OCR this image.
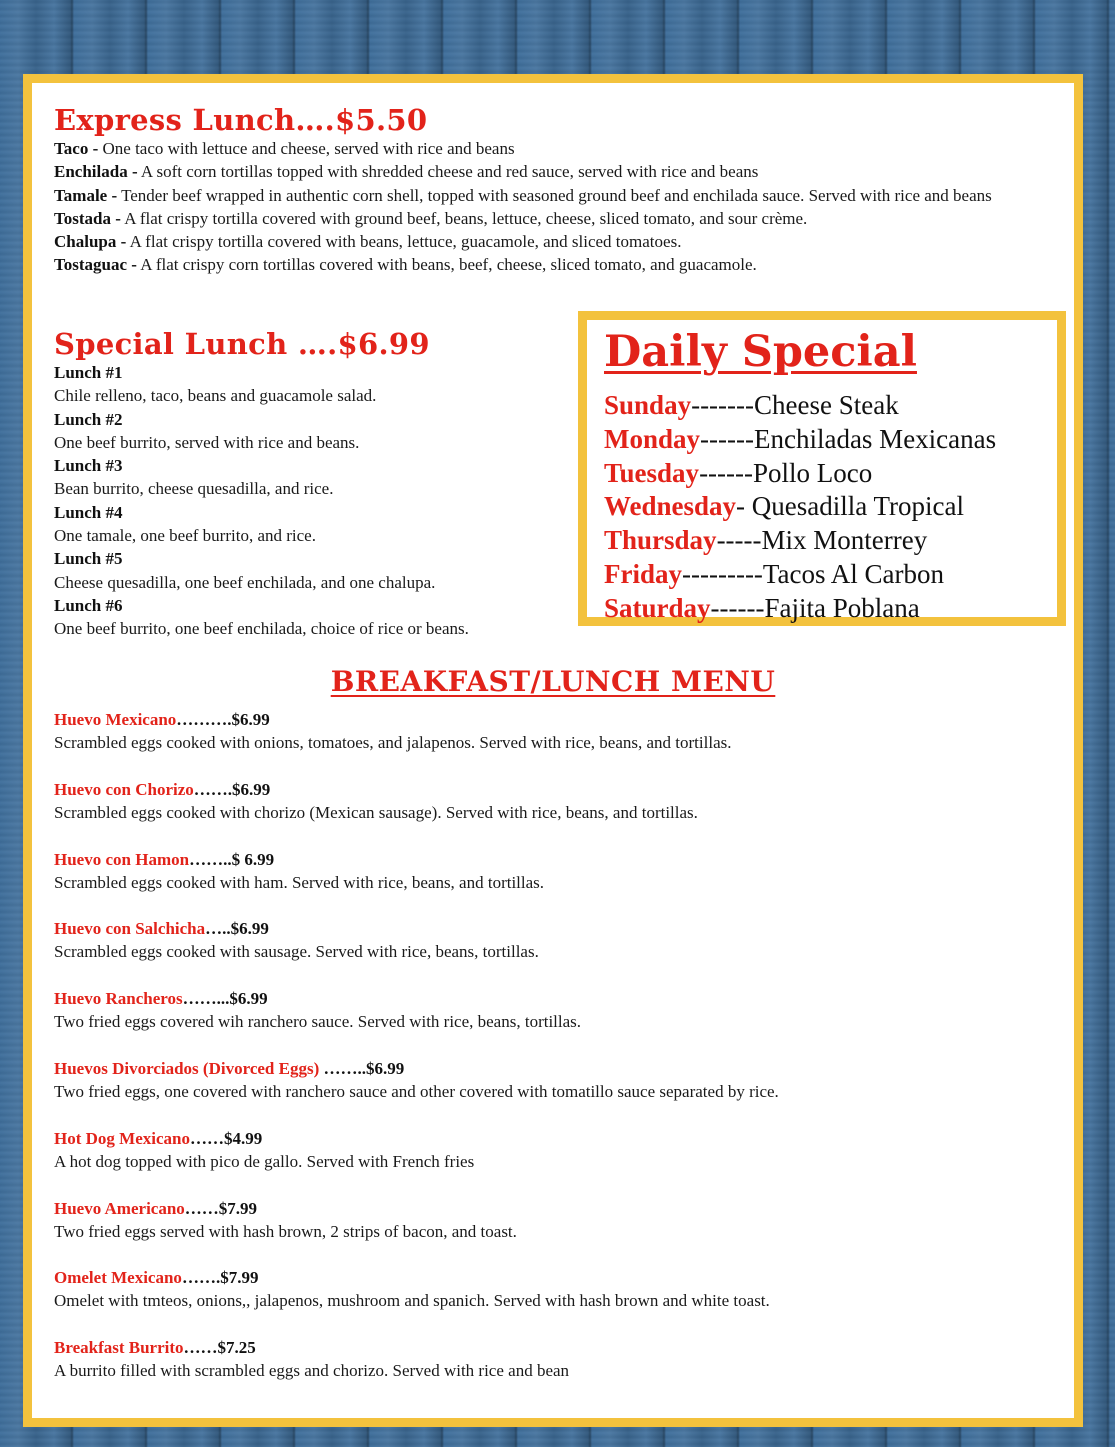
Express Lunch….$5.50
Taco - One taco with lettuce and cheese, served with rice and beans
Enchilada - A soft corn tortillas topped with shredded cheese and red sauce, served with rice and beans
Tamale - Tender beef wrapped in authentic corn shell, topped with seasoned ground beef and enchilada sauce. Served with rice and beans
Tostada - A flat crispy tortilla covered with ground beef, beans, lettuce, cheese, sliced tomato, and sour crème.
Chalupa - A flat crispy tortilla covered with beans, lettuce, guacamole, and sliced tomatoes.
Tostaguac - A flat crispy corn tortillas covered with beans, beef, cheese, sliced tomato, and guacamole.
Special Lunch ….$6.99
Lunch #1
Chile relleno, taco, beans and guacamole salad.
Lunch #2
One beef burrito, served with rice and beans.
Lunch #3
Bean burrito, cheese quesadilla, and rice.
Lunch #4
One tamale, one beef burrito, and rice.
Lunch #5
Cheese quesadilla, one beef enchilada, and one chalupa.
Lunch #6
One beef burrito, one beef enchilada, choice of rice or beans.
Daily Special
Sunday-------Cheese Steak
Monday------Enchiladas Mexicanas
Tuesday------Pollo Loco
Wednesday- Quesadilla Tropical
Thursday-----Mix Monterrey
Friday---------Tacos Al Carbon
Saturday------Fajita Poblana
BREAKFAST/LUNCH MENU
Huevo Mexicano……….$6.99
Scrambled eggs cooked with onions, tomatoes, and jalapenos. Served with rice, beans, and tortillas.
Huevo con Chorizo…….$6.99
Scrambled eggs cooked with chorizo (Mexican sausage). Served with rice, beans, and tortillas.
Huevo con Hamon……..$ 6.99
Scrambled eggs cooked with ham. Served with rice, beans, and tortillas.
Huevo con Salchicha…..$6.99
Scrambled eggs cooked with sausage. Served with rice, beans, tortillas.
Huevo Rancheros……...$6.99
Two fried eggs covered wih ranchero sauce. Served with rice, beans, tortillas.
Huevos Divorciados (Divorced Eggs) ……..$6.99
Two fried eggs, one covered with ranchero sauce and other covered with tomatillo sauce separated by rice.
Hot Dog Mexicano……$4.99
A hot dog topped with pico de gallo. Served with French fries
Huevo Americano……$7.99
Two fried eggs served with hash brown, 2 strips of bacon, and toast.
Omelet Mexicano…….$7.99
Omelet with tmteos, onions,, jalapenos, mushroom and spanich. Served with hash brown and white toast.
Breakfast Burrito……$7.25
A burrito filled with scrambled eggs and chorizo. Served with rice and bean
